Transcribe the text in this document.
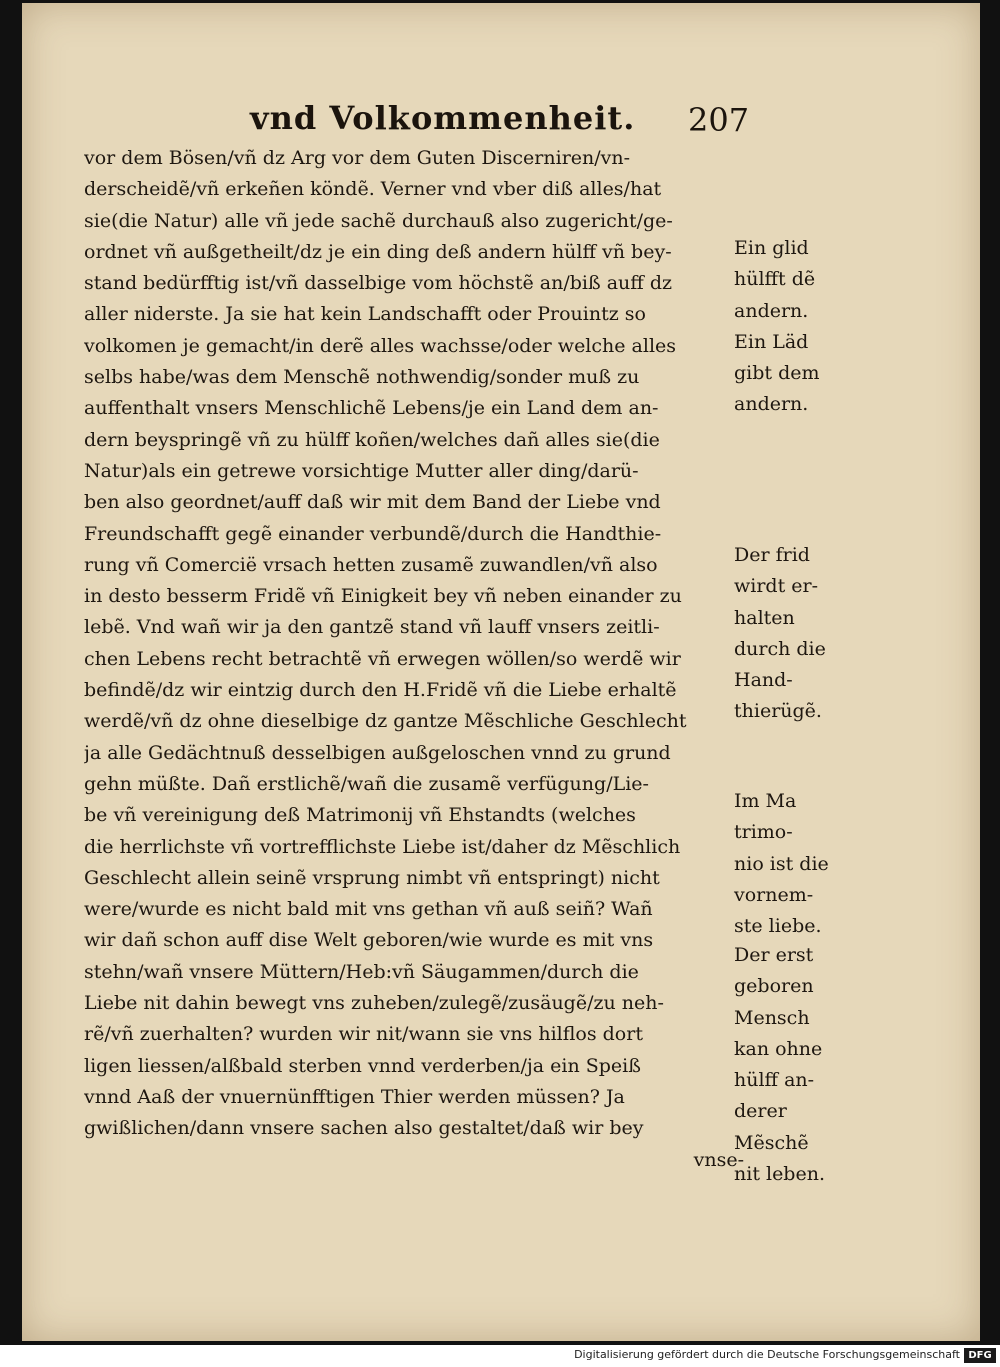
vnd Volkommenheit. 207
vor dem Bösen/vñ dz Arg vor dem Guten Discerniren/vn-
derscheidẽ/vñ erkeñen köndẽ. Verner vnd vber diß alles/hat
sie(die Natur) alle vñ jede sachẽ durchauß also zugericht/ge-
ordnet vñ außgetheilt/dz je ein ding deß andern hülff vñ bey-
stand bedürfftig ist/vñ dasselbige vom höchstẽ an/biß auff dz
aller niderste. Ja sie hat kein Landschafft oder Prouintz so
volkomen je gemacht/in derẽ alles wachsse/oder welche alles
selbs habe/was dem Menschẽ nothwendig/sonder muß zu
auffenthalt vnsers Menschlichẽ Lebens/je ein Land dem an-
dern beyspringẽ vñ zu hülff koñen/welches dañ alles sie(die
Natur)als ein getrewe vorsichtige Mutter aller ding/darü-
ben also geordnet/auff daß wir mit dem Band der Liebe vnd
Freundschafft gegẽ einander verbundẽ/durch die Handthie-
rung vñ Comercië vrsach hetten zusamẽ zuwandlen/vñ also
in desto besserm Fridẽ vñ Einigkeit bey vñ neben einander zu
lebẽ. Vnd wañ wir ja den gantzẽ stand vñ lauff vnsers zeitli-
chen Lebens recht betrachtẽ vñ erwegen wöllen/so werdẽ wir
befindẽ/dz wir eintzig durch den H.Fridẽ vñ die Liebe erhaltẽ
werdẽ/vñ dz ohne dieselbige dz gantze Mẽschliche Geschlecht
ja alle Gedächtnuß desselbigen außgeloschen vnnd zu grund
gehn müßte. Dañ erstlichẽ/wañ die zusamẽ verfügung/Lie-
be vñ vereinigung deß Matrimonij vñ Ehstandts (welches
die herrlichste vñ vortrefflichste Liebe ist/daher dz Mẽschlich
Geschlecht allein seinẽ vrsprung nimbt vñ entspringt) nicht
were/wurde es nicht bald mit vns gethan vñ auß seiñ? Wañ
wir dañ schon auff dise Welt geboren/wie wurde es mit vns
stehn/wañ vnsere Müttern/Heb:vñ Säugammen/durch die
Liebe nit dahin bewegt vns zuheben/zulegẽ/zusäugẽ/zu neh-
rẽ/vñ zuerhalten? wurden wir nit/wann sie vns hilflos dort
ligen liessen/alßbald sterben vnnd verderben/ja ein Speiß
vnnd Aaß der vnuernünfftigen Thier werden müssen? Ja
gwißlichen/dann vnsere sachen also gestaltet/daß wir bey
vnse-
Ein glid
hülfft dẽ
andern.
Ein Läd
gibt dem
andern.
Der frid
wirdt er-
halten
durch die
Hand-
thierügẽ.
Im Ma
trimo-
nio ist die
vornem-
ste liebe.
Der erst
geboren
Mensch
kan ohne
hülff an-
derer
Mẽschẽ
nit leben.
Digitalisierung gefördert durch die Deutsche Forschungsgemeinschaft DFG
